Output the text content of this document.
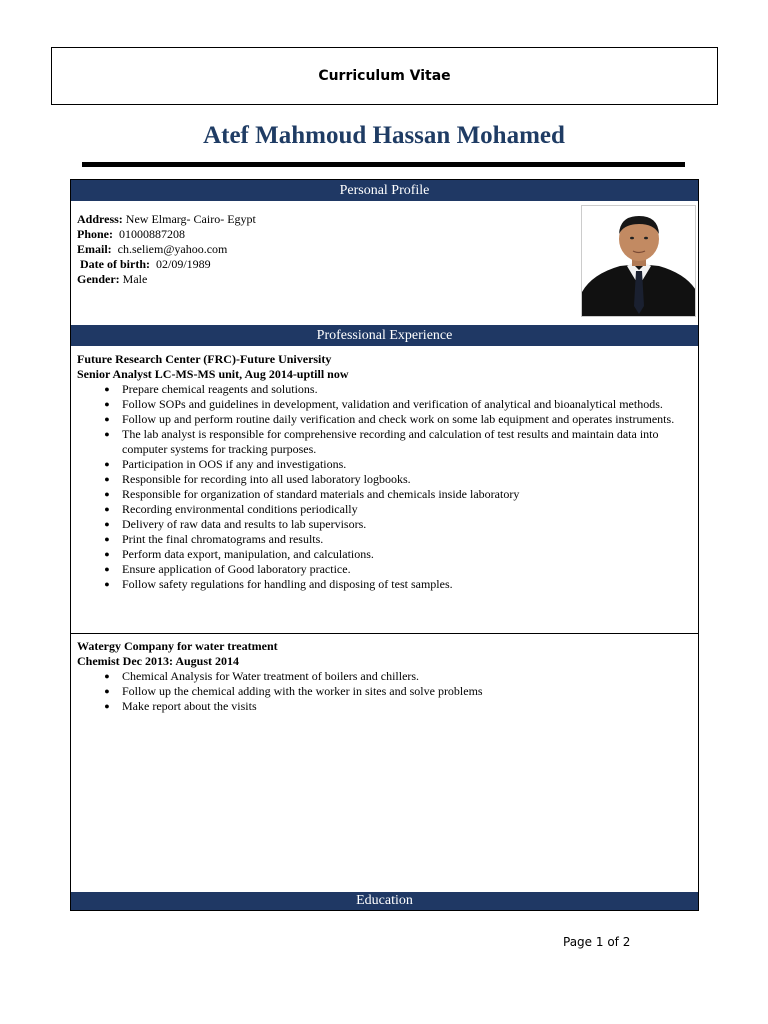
Curriculum Vitae
Atef Mahmoud Hassan Mohamed
Personal Profile
Professional Experience
Address: New Elmarg- Cairo- Egypt
Phone: 01000887208
Email: ch.seliem@yahoo.com
Date of birth: 02/09/1989
Gender: Male
Future Research Center (FRC)-Future University
Senior Analyst LC-MS-MS unit, Aug 2014-uptill now
● Prepare chemical reagents and solutions.
● Follow SOPs and guidelines in development, validation and verification of analytical and bioanalytical methods.
● Follow up and perform routine daily verification and check work on some lab equipment and operates instruments.
● The lab analyst is responsible for comprehensive recording and calculation of test results and maintain data into computer systems for tracking purposes.
● Participation in OOS if any and investigations.
● Responsible for recording into all used laboratory logbooks.
● Responsible for organization of standard materials and chemicals inside laboratory
● Recording environmental conditions periodically
● Delivery of raw data and results to lab supervisors.
● Print the final chromatograms and results.
● Perform data export, manipulation, and calculations.
● Ensure application of Good laboratory practice.
● Follow safety regulations for handling and disposing of test samples.
Watergy Company for water treatment
Chemist Dec 2013: August 2014
● Chemical Analysis for Water treatment of boilers and chillers.
● Follow up the chemical adding with the worker in sites and solve problems
● Make report about the visits
Education
Page 1 of 2
